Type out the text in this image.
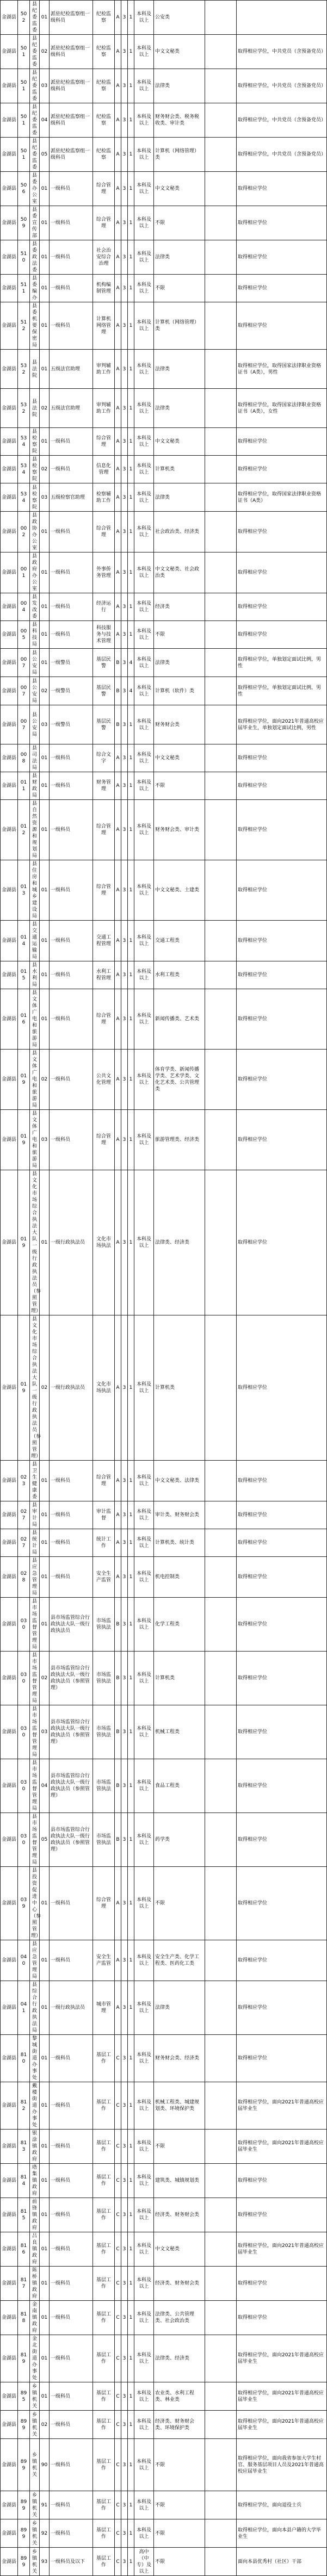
金湖县	502	县纪委监委	01	派驻纪检监察组一级科员	纪检监察	A	3	1	本科及以上	公安类		
金湖县	501	县纪委监委	02	派驻纪检监察组一级科员	纪检监察	A	3	1	本科及以上	中文文秘类		取得相应学位，中共党员（含预备党员）
金湖县	501	县纪委监委	03	派驻纪检监察组一级科员	纪检监察	A	3	1	本科及以上	法律类		取得相应学位，中共党员（含预备党员）
金湖县	501	县纪委监委	04	派驻纪检监察组一级科员	纪检监察	A	3	1	本科及以上	财务财会类、税务税收类、审计类		取得相应学位，中共党员（含预备党员）
金湖县	501	县纪委监委	05	派驻纪检监察组一级科员	纪检监察	A	3	1	本科及以上	计算机（网络管理）类		取得相应学位，中共党员（含预备党员）
金湖县	506	县委办公室	01	一级科员	综合管理	A	3	1	本科及以上	中文文秘类		取得相应学位
金湖县	509	县委宣传部	01	一级科员	综合管理	A	3	1	本科及以上	不限		取得相应学位
金湖县	510	县委政法委	01	一级科员	社会治安综合治理	A	3	1	本科及以上	法律类		取得相应学位
金湖县	511	县委编办	01	一级科员	机构编制管理	A	3	1	本科及以上	不限		取得相应学位
金湖县	512	县委机要保密局	01	一级科员	计算机网络管理	A	3	1	本科及以上	计算机（网络管理）类		取得相应学位
金湖县	532	县法院	01	五级法官助理	审判辅助工作	A	3	1	本科及以上	法律类		取得相应学位，取得国家法律职业资格证书（A类），男性
金湖县	532	县法院	02	五级法官助理	审判辅助工作	A	3	1	本科及以上	法律类		取得相应学位，取得国家法律职业资格证书（A类），女性
金湖县	534	县检察院	01	一级科员	综合管理	A	3	1	本科及以上	中文文秘类		取得相应学位
金湖县	534	县检察院	02	一级科员	信息化管理	A	3	1	本科及以上	计算机类		取得相应学位
金湖县	534	县检察院	03	五级检察官助理	检察辅助工作	A	3	1	本科及以上	法律类		取得相应学位，取得国家法律职业资格证书（A类）
金湖县	002	县政协办公室	01	一级科员	综合管理	A	3	1	本科及以上	社会政治类、经济类		取得相应学位
金湖县	001	县政府办公室	01	一级科员	外事侨务管理	A	3	1	本科及以上	中文文秘类、社会政治类		取得相应学位
金湖县	004	县发改委	01	一级科员	经济运行	A	3	1	本科及以上	经济类		取得相应学位
金湖县	005	县科技局	01	一级科员	科技服务与技术管理	A	3	1	本科及以上	不限		取得相应学位
金湖县	007	县公安局	01	一级警员	基层民警	B	3	4	本科及以上	法律类		取得相应学位，单独划定面试比例，男性
金湖县	007	县公安局	02	一级警员	基层民警	B	3	4	本科及以上	计算机（软件）类		取得相应学位，单独划定面试比例，男性
金湖县	007	县公安局	03	一级警员	基层民警	B	3	1	本科及以上	财务财会类		取得相应学位，面向2021年普通高校应届毕业生，单独划定面试比例，男性
金湖县	008	县司法局	01	一级科员	综合文字	A	3	1	本科及以上	中文文秘类		取得相应学位
金湖县	011	县财政局	01	一级科员	财务管理	A	3	1	本科及以上	不限		取得相应学位
金湖县	012	县自然资源和规划局	01	一级科员	综合管理	A	3	1	本科及以上	财务财会类、审计类		取得相应学位
金湖县	013	县住房和城乡建设局	01	一级科员	综合管理	A	3	1	本科及以上	中文文秘类、土建类		取得相应学位
金湖县	014	县交通运输局	01	一级科员	交通工程管理	A	3	1	本科及以上	交通工程类		取得相应学位
金湖县	015	县水利局	01	一级科员	水利工程管理	A	3	1	本科及以上	水利工程类		取得相应学位
金湖县	016	县文体广电和旅游局	01	一级科员	综合管理	A	3	1	本科及以上	新闻传播类、艺术类		取得相应学位
金湖县	019	县文体广电和旅游局	02	一级科员	公共文化管理	A	3	1	本科及以上	体育学类、新闻传播学类、艺术学类、文化艺术类、公共管理类		取得相应学位
金湖县	019	县文体广电和旅游局	03	一级科员	综合管理	A	3	1	本科及以上	旅游管理类、经济类		取得相应学位
金湖县	019	县文化市场综合执法大队一级行政执法员（参照管理）	01	一级行政执法员	文化市场执法	A	3	1	本科及以上	法律类、经济类		取得相应学位
金湖县	019	县文化市场综合执法大队一级行政执法员（参照管理）	02	一级行政执法员	文化市场执法	A	3	1	本科及以上	计算机类		取得相应学位
金湖县	023	县卫生健康委	01	一级科员	综合管理	A	3	1	本科及以上	中文文秘类、法律类		取得相应学位
金湖县	027	县审计局	01	一级科员	审计监督	A	3	1	本科及以上	审计类、财务财会类		取得相应学位
金湖县	027	县统计局	01	一级科员	统计工作	A	3	1	本科及以上	计算机类、统计类		取得相应学位
金湖县	028	县应急管理局	01	一级科员	安全生产监管	A	3	1	本科及以上	机电控制类		取得相应学位
金湖县	030	县市场监督管理局	01	县市场监管综合行政执法大队一级行政执法员	市场监管执法	B	3	1	本科及以上	化学工程类		取得相应学位
金湖县	030	县市场监督管理局	02	县市场监管综合行政执法大队一级行政执法员（参照管理）	市场监管执法	B	3	1	本科及以上	计算机类		取得相应学位
金湖县	030	县市场监督管理局	03	县市场监管综合行政执法大队一级行政执法员（参照管理）	市场监管执法	B	3	1	本科及以上	机械工程类		取得相应学位
金湖县	030	县市场监督管理局	04	县市场监管综合行政执法大队一级行政执法员（参照管理）	市场监管执法	B	3	1	本科及以上	食品工程类		取得相应学位
金湖县	030	县市场监督管理局	05	县市场监管综合行政执法大队一级行政执法员（参照管理）	市场监管执法	B	3	1	本科及以上	药学类		取得相应学位
金湖县	039	县投资促进中心（参照管理）	01	一级科员	综合管理	A	3	1	本科及以上	不限		取得相应学位
金湖县	040	县应急管理局	01	一级科员	安全生产监管	A	3	1	本科及以上	安全生产类、化学工程类、医药化工类		取得相应学位
金湖县	041	县综合行政执法局	01	一级行政执法员	城市管理	A	3	1	本科及以上	法律类		取得相应学位
金湖县	810	黎城街道办事处	01	一级科员	基层工作	C	3	1	本科及以上	财务财会类、经济类		取得相应学位
金湖县	812	戴楼街道办事处	01	一级科员	基层工作	C	3	1	本科及以上	机械工程类、城建规划类、环境保护类		取得相应学位，面向2021年普通高校应届毕业生
金湖县	813	银涂镇政府	01	一级科员	基层工作	C	3	1	本科及以上	不限		取得相应学位，面向2021年普通高校应届毕业生
金湖县	814	塔集镇政府	01	一级科员	基层工作	C	3	1	本科及以上	建筑类、城镇规划类		取得相应学位
金湖县	815	前锋镇政府	01	一级科员	基层工作	C	3	1	本科及以上	经济类、财务财会类		取得相应学位
金湖县	816	吕良镇政府	01	一级科员	基层工作	C	3	1	本科及以上	中文文秘类		取得相应学位，面向2021年普通高校应届毕业生
金湖县	817	陈桥镇政府	01	一级科员	基层工作	C	3	1	本科及以上	经济类、财务财会类		取得相应学位
金湖县	818	金南镇政府	01	一级科员	基层工作	C	3	1	本科及以上	法律类、公共管理类、社会政治类		取得相应学位
金湖县	819	金北街道办事处	01	一级科员	基层工作	C	3	1	本科及以上	法律类、经济类		取得相应学位，面向2021年普通高校应届毕业生
金湖县	895	乡镇机关	01	一级科员	基层工作	C	3	1	本科及以上	农业类、水利工程类、林业类		取得相应学位，面向2021年普通高校应届毕业生
金湖县	899	乡镇机关	02	一级科员	基层工作	C	3	1	本科及以上	经济类、财务财会类、环境保护类		取得相应学位，面向2021年普通高校应届毕业生
金湖县	899	乡镇机关	90	一级科员	基层工作	C	3	1	本科及以上	不限		取得相应学位，面向我省参加大学生村官、服务基层项目人员及2021年普通高校应届毕业生
金湖县	899	乡镇机关	91	一级科员	基层工作	C	3	1	本科及以上	不限		取得相应学位，面向退役士兵
金湖县	899	乡镇机关	92	一级科员	基层工作	C	3	1	本科及以上	不限		取得相应学位，面向本县户籍的大学毕业生
金湖县	899	乡镇机关	93	一级科员及以下	基层工作	C	3	1	高中（中专）及以上	不限		面向本县优秀村（社区）干部
